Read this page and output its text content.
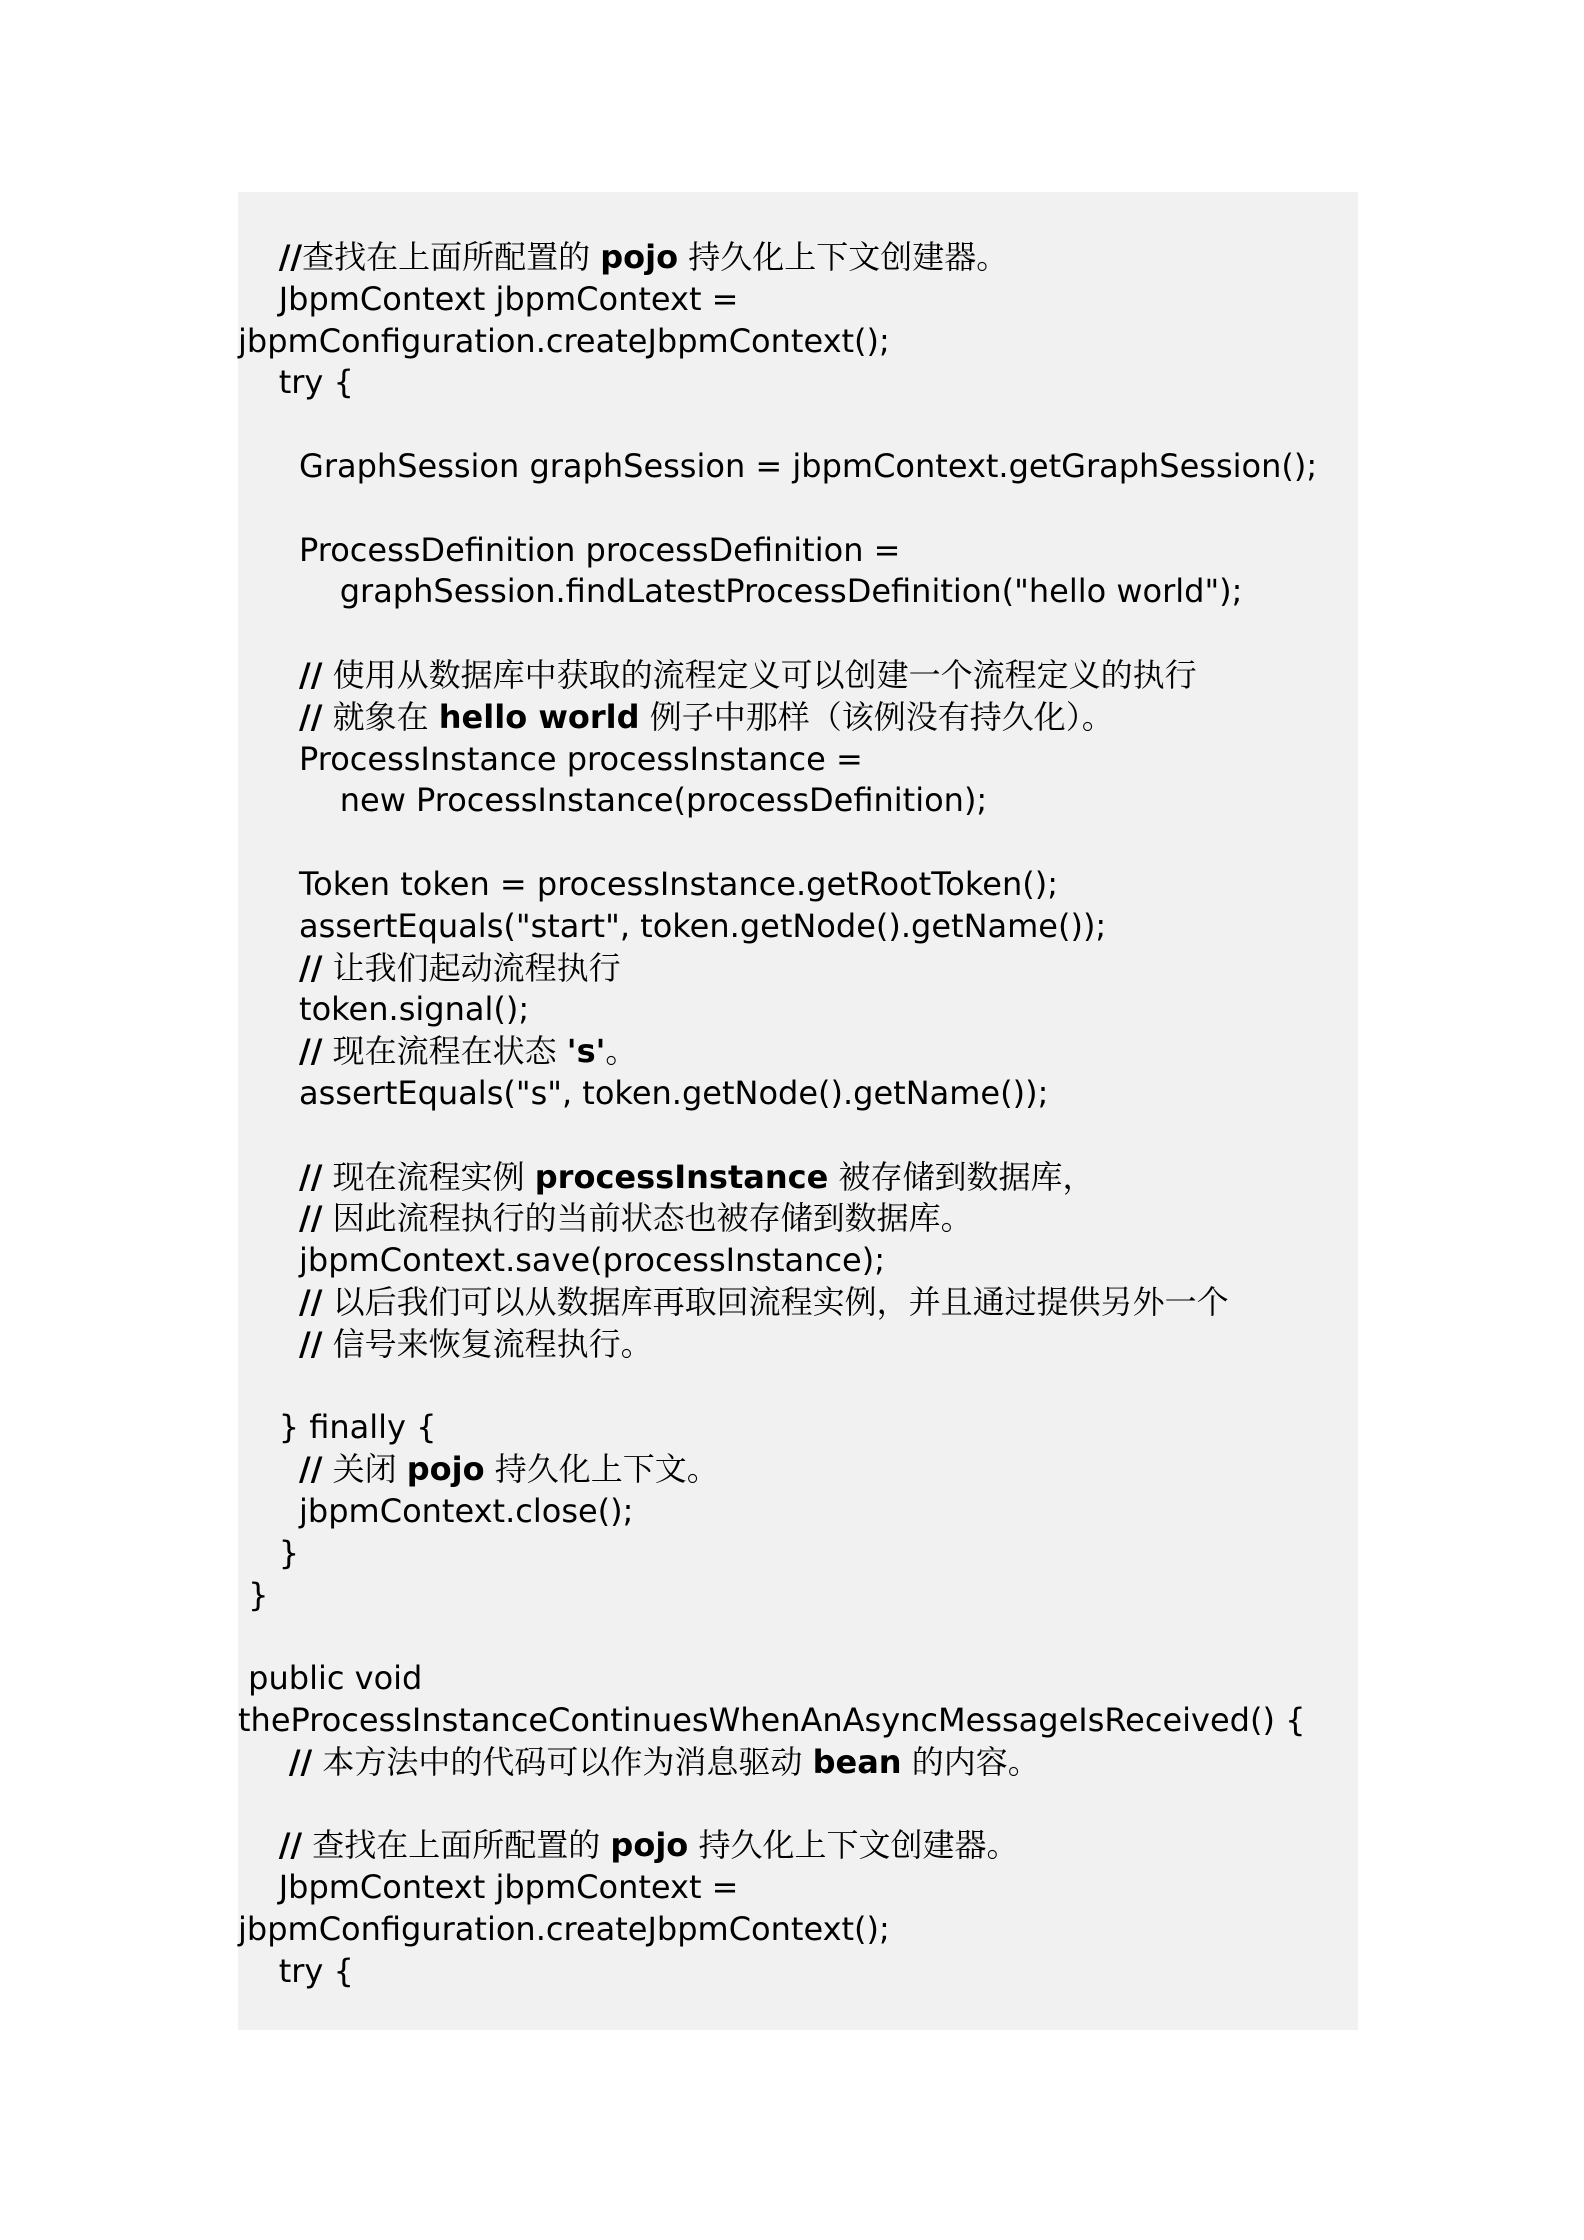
//查找在上面所配置的 pojo 持久化上下文创建器。
JbpmContext jbpmContext =
jbpmConfiguration.createJbpmContext();
try {
GraphSession graphSession = jbpmContext.getGraphSession();
ProcessDefinition processDefinition =
graphSession.findLatestProcessDefinition("hello world");
// 使用从数据库中获取的流程定义可以创建一个流程定义的执行
// 就象在 hello world 例子中那样（该例没有持久化）。
ProcessInstance processInstance =
new ProcessInstance(processDefinition);
Token token = processInstance.getRootToken();
assertEquals("start", token.getNode().getName());
// 让我们起动流程执行
token.signal();
// 现在流程在状态 's'。
assertEquals("s", token.getNode().getName());
// 现在流程实例 processInstance 被存储到数据库，
// 因此流程执行的当前状态也被存储到数据库。
jbpmContext.save(processInstance);
// 以后我们可以从数据库再取回流程实例，并且通过提供另外一个
// 信号来恢复流程执行。
} finally {
// 关闭 pojo 持久化上下文。
jbpmContext.close();
}
}
public void
theProcessInstanceContinuesWhenAnAsyncMessageIsReceived() {
// 本方法中的代码可以作为消息驱动 bean 的内容。
// 查找在上面所配置的 pojo 持久化上下文创建器。
JbpmContext jbpmContext =
jbpmConfiguration.createJbpmContext();
try {
